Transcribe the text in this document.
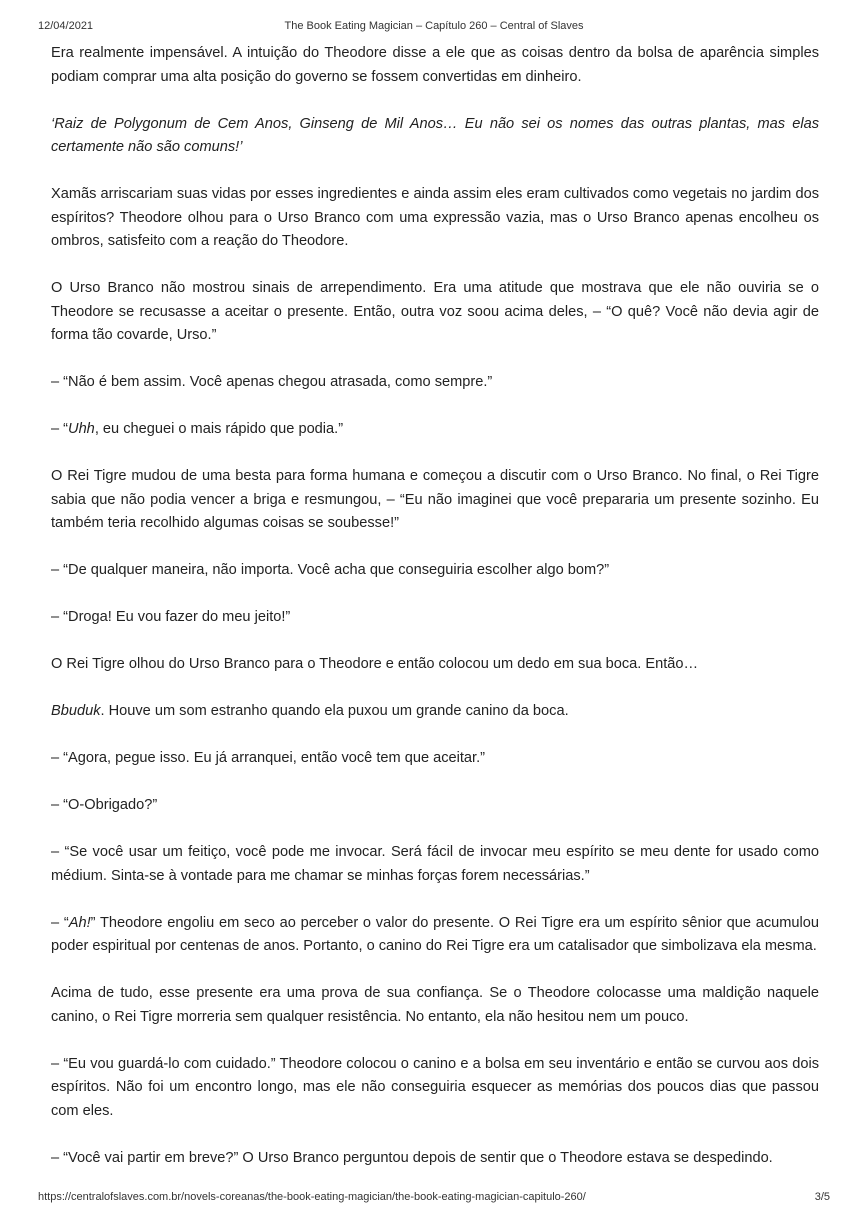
12/04/2021	The Book Eating Magician – Capítulo 260 – Central of Slaves

Era realmente impensável. A intuição do Theodore disse a ele que as coisas dentro da bolsa de aparência simples podiam comprar uma alta posição do governo se fossem convertidas em dinheiro.

‘Raiz de Polygonum de Cem Anos, Ginseng de Mil Anos… Eu não sei os nomes das outras plantas, mas elas certamente não são comuns!’

Xamãs arriscariam suas vidas por esses ingredientes e ainda assim eles eram cultivados como vegetais no jardim dos espíritos? Theodore olhou para o Urso Branco com uma expressão vazia, mas o Urso Branco apenas encolheu os ombros, satisfeito com a reação do Theodore.

O Urso Branco não mostrou sinais de arrependimento. Era uma atitude que mostrava que ele não ouviria se o Theodore se recusasse a aceitar o presente. Então, outra voz soou acima deles, – “O quê? Você não devia agir de forma tão covarde, Urso.”

– “Não é bem assim. Você apenas chegou atrasada, como sempre.”

– “Uhh, eu cheguei o mais rápido que podia.”

O Rei Tigre mudou de uma besta para forma humana e começou a discutir com o Urso Branco. No final, o Rei Tigre sabia que não podia vencer a briga e resmungou, – “Eu não imaginei que você prepararia um presente sozinho. Eu também teria recolhido algumas coisas se soubesse!”

– “De qualquer maneira, não importa. Você acha que conseguiria escolher algo bom?”

– “Droga! Eu vou fazer do meu jeito!”

O Rei Tigre olhou do Urso Branco para o Theodore e então colocou um dedo em sua boca. Então…

Bbuduk. Houve um som estranho quando ela puxou um grande canino da boca.

– “Agora, pegue isso. Eu já arranquei, então você tem que aceitar.”

– “O-Obrigado?”

– “Se você usar um feitiço, você pode me invocar. Será fácil de invocar meu espírito se meu dente for usado como médium. Sinta-se à vontade para me chamar se minhas forças forem necessárias.”

– “Ah!” Theodore engoliu em seco ao perceber o valor do presente. O Rei Tigre era um espírito sênior que acumulou poder espiritual por centenas de anos. Portanto, o canino do Rei Tigre era um catalisador que simbolizava ela mesma.

Acima de tudo, esse presente era uma prova de sua confiança. Se o Theodore colocasse uma maldição naquele canino, o Rei Tigre morreria sem qualquer resistência. No entanto, ela não hesitou nem um pouco.

– “Eu vou guardá-lo com cuidado.” Theodore colocou o canino e a bolsa em seu inventário e então se curvou aos dois espíritos. Não foi um encontro longo, mas ele não conseguiria esquecer as memórias dos poucos dias que passou com eles.

– “Você vai partir em breve?” O Urso Branco perguntou depois de sentir que o Theodore estava se despedindo.

https://centralofslaves.com.br/novels-coreanas/the-book-eating-magician/the-book-eating-magician-capitulo-260/	3/5
